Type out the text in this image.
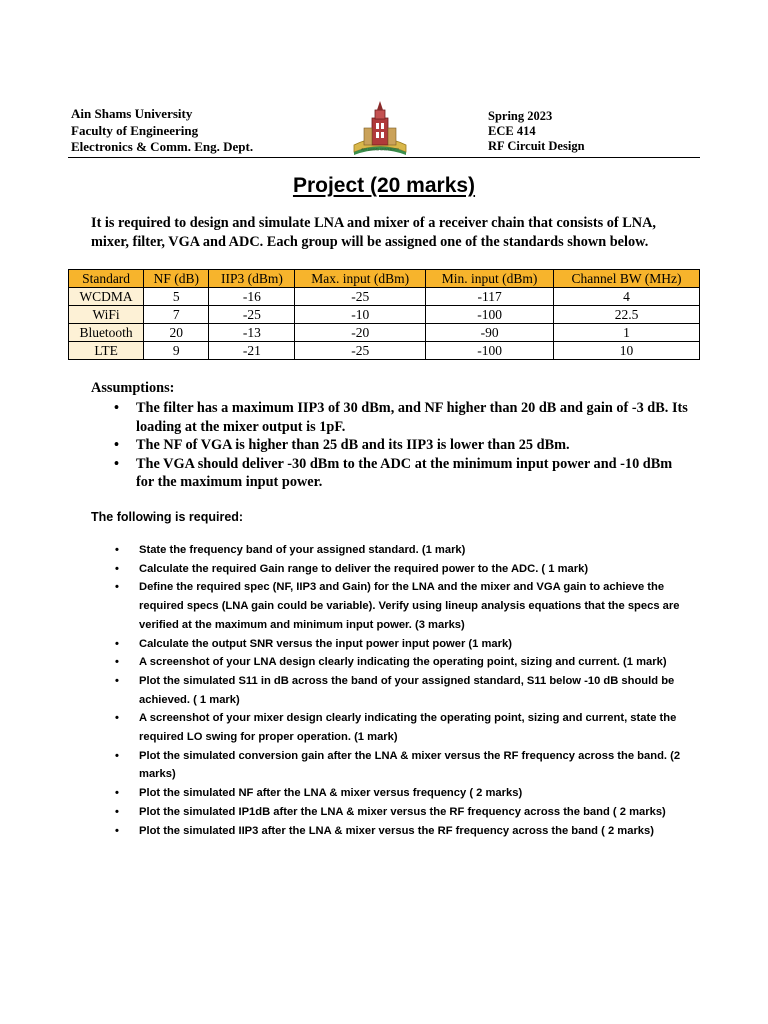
Ain Shams University
Faculty of Engineering
Electronics & Comm. Eng. Dept.	AIN SHAMS UNIVERSITY
Spring 2023
ECE 414
RF Circuit Design
Project (20 marks)
It is required to design and simulate LNA and mixer of a receiver chain that consists of LNA, mixer, filter, VGA and ADC. Each group will be assigned one of the standards shown below.
Standard	NF (dB)	IIP3 (dBm)	Max. input (dBm)	Min. input (dBm)	Channel BW (MHz)
WCDMA	5	-16	-25	-117	4
WiFi	7	-25	-10	-100	22.5
Bluetooth	20	-13	-20	-90	1
LTE	9	-21	-25	-100	10
Assumptions:
• The filter has a maximum IIP3 of 30 dBm, and NF higher than 20 dB and gain of -3 dB. Its loading at the mixer output is 1pF.
• The NF of VGA is higher than 25 dB and its IIP3 is lower than 25 dBm.
• The VGA should deliver -30 dBm to the ADC at the minimum input power and -10 dBm for the maximum input power.
The following is required:
• State the frequency band of your assigned standard. (1 mark)
• Calculate the required Gain range to deliver the required power to the ADC. ( 1 mark)
• Define the required spec (NF, IIP3 and Gain) for the LNA and the mixer and VGA gain to achieve the required specs (LNA gain could be variable). Verify using lineup analysis equations that the specs are verified at the maximum and minimum input power. (3 marks)
• Calculate the output SNR versus the input power input power (1 mark)
• A screenshot of your LNA design clearly indicating the operating point, sizing and current. (1 mark)
• Plot the simulated S11 in dB across the band of your assigned standard, S11 below -10 dB should be achieved. ( 1 mark)
• A screenshot of your mixer design clearly indicating the operating point, sizing and current, state the required LO swing for proper operation. (1 mark)
• Plot the simulated conversion gain after the LNA & mixer versus the RF frequency across the band. (2 marks)
• Plot the simulated NF after the LNA & mixer versus frequency ( 2 marks)
• Plot the simulated IP1dB after the LNA & mixer versus the RF frequency across the band ( 2 marks)
• Plot the simulated IIP3 after the LNA & mixer versus the RF frequency across the band ( 2 marks)
